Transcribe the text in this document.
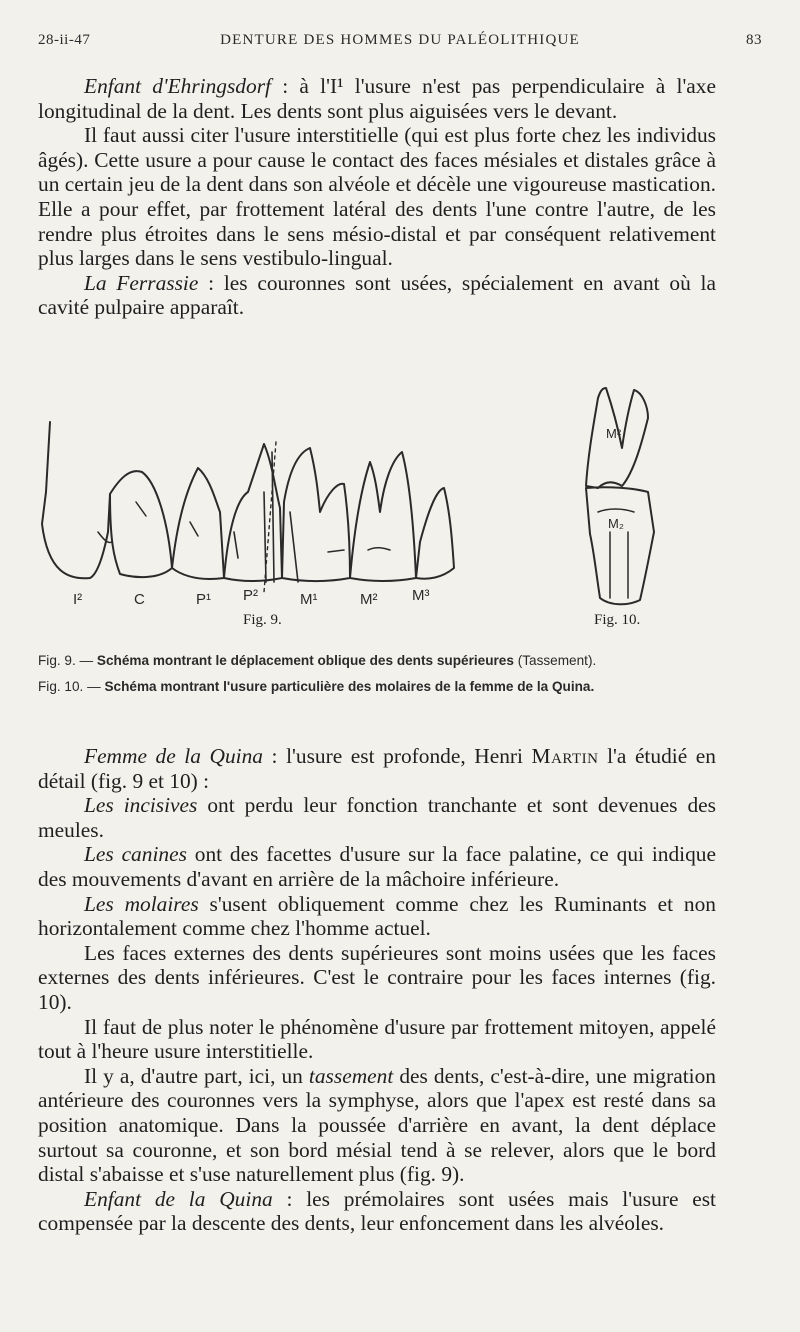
28-ii-47	DENTURE DES HOMMES DU PALÉOLITHIQUE	83

Enfant d'Ehringsdorf : à l'I¹ l'usure n'est pas perpendiculaire à l'axe longitudinal de la dent. Les dents sont plus aiguisées vers le devant.

Il faut aussi citer l'usure interstitielle (qui est plus forte chez les individus âgés). Cette usure a pour cause le contact des faces mésiales et distales grâce à un certain jeu de la dent dans son alvéole et décèle une vigoureuse mastication. Elle a pour effet, par frottement latéral des dents l'une contre l'autre, de les rendre plus étroites dans le sens mésio-distal et par conséquent relativement plus larges dans le sens vestibulo-lingual.

La Ferrassie : les couronnes sont usées, spécialement en avant où la cavité pulpaire apparaît.

I²	C	P¹ P²	M¹	M² M³
M²
M₂
Fig. 9.	Fig. 10.
Fig. 9. — Schéma montrant le déplacement oblique des dents supérieures (Tassement).
Fig. 10. — Schéma montrant l'usure particulière des molaires de la femme de la Quina.

Femme de la Quina : l'usure est profonde, Henri Martin l'a étudié en détail (fig. 9 et 10) :

Les incisives ont perdu leur fonction tranchante et sont devenues des meules.

Les canines ont des facettes d'usure sur la face palatine, ce qui indique des mouvements d'avant en arrière de la mâchoire inférieure.

Les molaires s'usent obliquement comme chez les Ruminants et non horizontalement comme chez l'homme actuel.

Les faces externes des dents supérieures sont moins usées que les faces externes des dents inférieures. C'est le contraire pour les faces internes (fig. 10).

Il faut de plus noter le phénomène d'usure par frottement mitoyen, appelé tout à l'heure usure interstitielle.

Il y a, d'autre part, ici, un tassement des dents, c'est-à-dire, une migration antérieure des couronnes vers la symphyse, alors que l'apex est resté dans sa position anatomique. Dans la poussée d'arrière en avant, la dent déplace surtout sa couronne, et son bord mésial tend à se relever, alors que le bord distal s'abaisse et s'use naturellement plus (fig. 9).

Enfant de la Quina : les prémolaires sont usées mais l'usure est compensée par la descente des dents, leur enfoncement dans les alvéoles.
